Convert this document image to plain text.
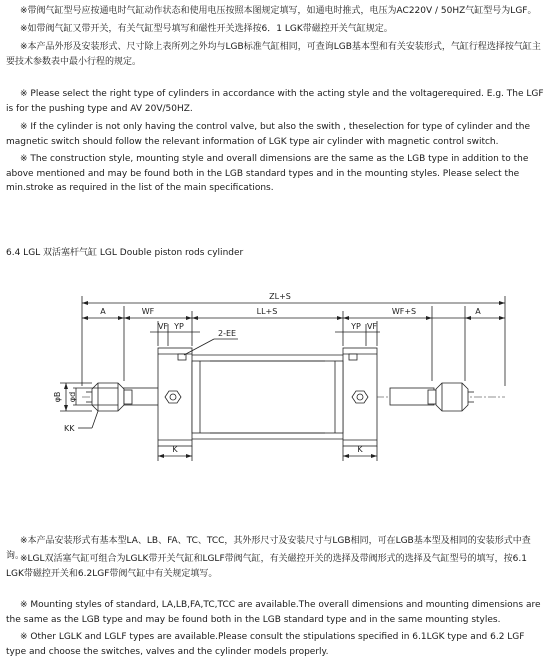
※带阀气缸型号应按通电时气缸动作状态和使用电压按照本图规定填写，如通电时推式，电压为AC220V / 50HZ气缸型号为LGF。

※如带阀气缸又带开关，有关气缸型号填写和磁性开关选择按6．1 LGK带磁控开关气缸规定。

※本产品外形及安装形式、尺寸除上表所列之外均与LGB标准气缸相同，可查询LGB基本型和有关安装形式，气缸行程选择按气缸主要技术参数表中最小行程的规定。

※ Please select the right type of cylinders in accordance with the acting style and the voltagerequired. E.g. The LGF is for the pushing type and AV 20V/50HZ.

※ If the cylinder is not only having the control valve, but also the swith , theselection for type of cylinder and the magnetic switch should follow the relevant information of LGK type air cylinder with magnetic control switch.

※ The construction style, mounting style and overall dimensions are the same as the LGB type in addition to the above mentioned and may be found both in the LGB standard types and in the mounting styles. Please select the min.stroke as required in the list of the main specifications.

6.4 LGL 双活塞杆气缸 LGL Double piston rods cylinder
ZL+S
A	WF	LL+S	WF+S	A
VF YP	YP VF
2-EE
φB φd
KK
K	K

※本产品安装形式有基本型LA、LB、FA、TC、TCC，其外形尺寸及安装尺寸与LGB相同，可在LGB基本型及相同的安装形式中查询。

※LGL双活塞气缸可组合为LGLK带开关气缸和LGLF带阀气缸，有关磁控开关的选择及带阀形式的选择及气缸型号的填写，按6.1 LGK带磁控开关和6.2LGF带阀气缸中有关规定填写。

※ Mounting styles of standard, LA,LB,FA,TC,TCC are available.The overall dimensions and mounting dimensions are the same as the LGB type and may be found both in the LGB standard type and in the same mounting styles.

※ Other LGLK and LGLF types are available.Please consult the stipulations specified in 6.1LGK type and 6.2 LGF type and choose the switches, valves and the cylinder models properly.
